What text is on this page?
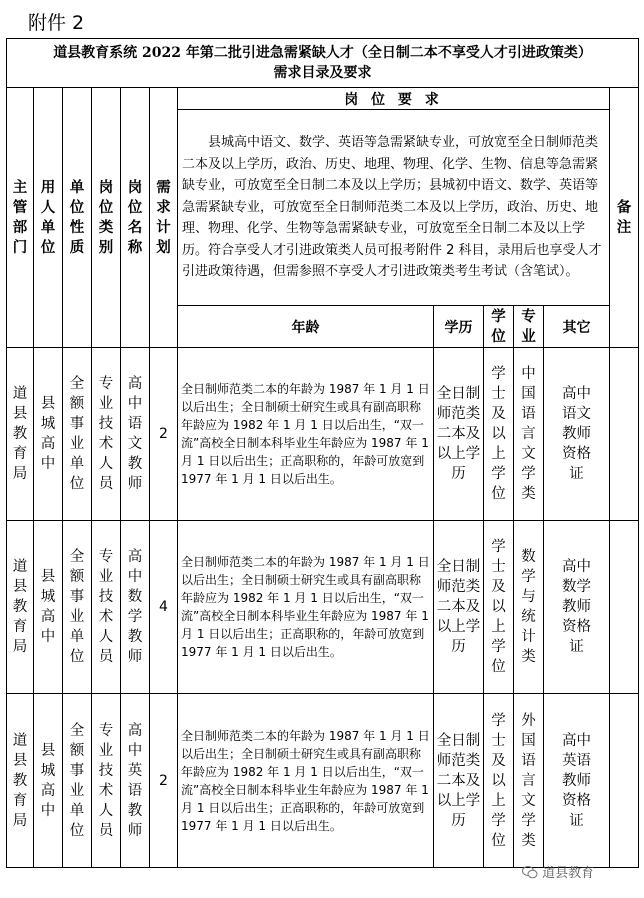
附件 2
道县教育系统 2022 年第二批引进急需紧缺人才（全日制二本不享受人才引进政策类）
需求目录及要求											

主管部门	用人单位	单位性质	岗位类别	岗位名称	需求计划	岗 位 要 求					备注
						县城高中语文、数学、英语等急需紧缺专业，可放宽至全日制师范类二本及以上学历，政治、历史、地理、物理、化学、生物、信息等急需紧缺专业，可放宽至全日制二本及以上学历；县城初中语文、数学、英语等急需紧缺专业，可放宽至全日制师范类二本及以上学历，政治、历史、地理、物理、化学、生物等急需紧缺专业，可放宽至全日制二本及以上学历。符合享受人才引进政策类人员可报考附件 2 科目，录用后也享受人才引进政策待遇，但需参照不享受人才引进政策类考生考试（含笔试）。					
						年龄	学历	学位	专业	其它	
道县教育局	县城高中	全额事业单位	专业技术人员	高中语文教师	2	全日制师范类二本的年龄为 1987 年 1 月 1 日以后出生；全日制硕士研究生或具有副高职称年龄应为 1982 年 1 月 1 日以后出生，“双一流”高校全日制本科毕业生年龄应为 1987 年 1 月 1 日以后出生；正高职称的，年龄可放宽到 1977 年 1 月 1 日以后出生。	全日制师范类二本及以上学历	学士及以上学位	中国语言文学类	高中语文教师资格证	
道县教育局	县城高中	全额事业单位	专业技术人员	高中数学教师	4	全日制师范类二本的年龄为 1987 年 1 月 1 日以后出生；全日制硕士研究生或具有副高职称年龄应为 1982 年 1 月 1 日以后出生，“双一流”高校全日制本科毕业生年龄应为 1987 年 1 月 1 日以后出生；正高职称的，年龄可放宽到 1977 年 1 月 1 日以后出生。	全日制师范类二本及以上学历	学士及以上学位	数学与统计类	高中数学教师资格证	
道县教育局	县城高中	全额事业单位	专业技术人员	高中英语教师	2	全日制师范类二本的年龄为 1987 年 1 月 1 日以后出生；全日制硕士研究生或具有副高职称年龄应为 1982 年 1 月 1 日以后出生，“双一流”高校全日制本科毕业生年龄应为 1987 年 1 月 1 日以后出生；正高职称的，年龄可放宽到 1977 年 1 月 1 日以后出生。	全日制师范类二本及以上学历	学士及以上学位	外国语言文学类	高中英语教师资格证	
道县教育
